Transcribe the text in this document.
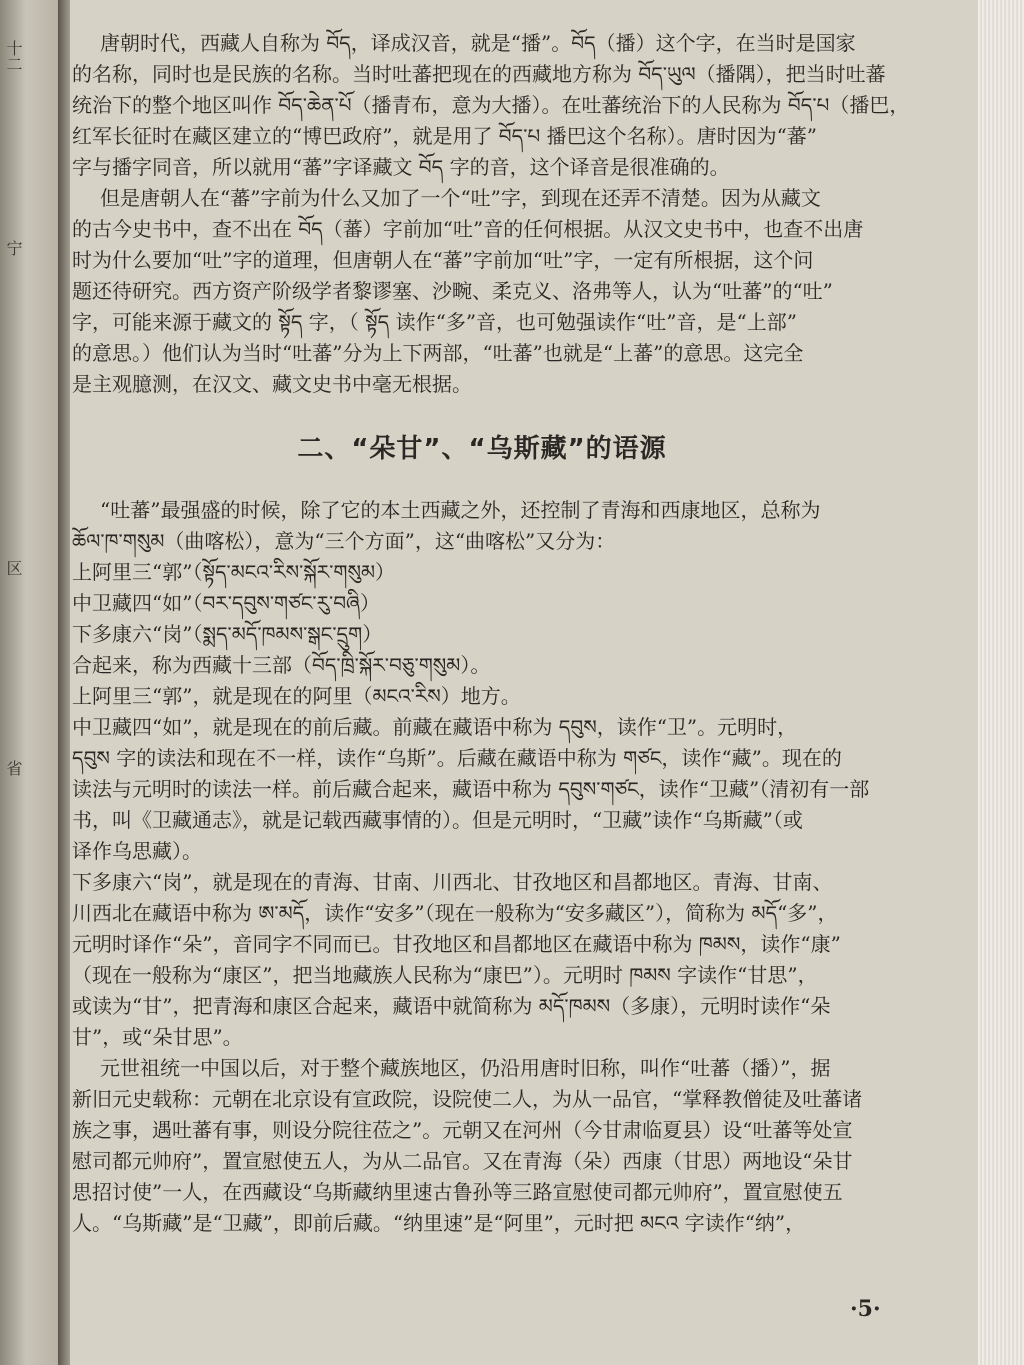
十二
宁
区
省
唐朝时代，西藏人自称为 བོད，译成汉音，就是“播”。བོད（播）这个字，在当时是国家
的名称，同时也是民族的名称。当时吐蕃把现在的西藏地方称为 བོད་ཡུལ（播隅），把当时吐蕃
统治下的整个地区叫作 བོད་ཆེན་པོ（播青布，意为大播）。在吐蕃统治下的人民称为 བོད་པ（播巴，
红军长征时在藏区建立的“博巴政府”，就是用了 བོད་པ 播巴这个名称）。唐时因为“蕃”
字与播字同音，所以就用“蕃”字译藏文 བོད 字的音，这个译音是很准确的。
但是唐朝人在“蕃”字前为什么又加了一个“吐”字，到现在还弄不清楚。因为从藏文
的古今史书中，查不出在 བོད（蕃）字前加“吐”音的任何根据。从汉文史书中，也查不出唐
时为什么要加“吐”字的道理，但唐朝人在“蕃”字前加“吐”字，一定有所根据，这个问
题还待研究。西方资产阶级学者黎谬塞、沙畹、柔克义、洛弗等人，认为“吐蕃”的“吐”
字，可能来源于藏文的 སྟོད 字，（ སྟོད 读作“多”音，也可勉强读作“吐”音，是“上部”
的意思。）他们认为当时“吐蕃”分为上下两部，“吐蕃”也就是“上蕃”的意思。这完全
是主观臆测，在汉文、藏文史书中毫无根据。
二、“朵甘”、“乌斯藏”的语源
“吐蕃”最强盛的时候，除了它的本土西藏之外，还控制了青海和西康地区，总称为
ཆོལ་ཁ་གསུམ（曲喀松），意为“三个方面”，这“曲喀松”又分为：
上阿里三“郭”（སྟོད་མངའ་རིས་སྐོར་གསུམ）
中卫藏四“如”（བར་དབུས་གཙང་རུ་བཞི）
下多康六“岗”（སྨད་མདོ་ཁམས་སྒང་དྲུག）
合起来，称为西藏十三部（བོད་ཁྲི་སྐོར་བཅུ་གསུམ）。
上阿里三“郭”，就是现在的阿里（མངའ་རིས）地方。
中卫藏四“如”，就是现在的前后藏。前藏在藏语中称为 དབུས，读作“卫”。元明时，
དབུས 字的读法和现在不一样，读作“乌斯”。后藏在藏语中称为 གཙང，读作“藏”。现在的
读法与元明时的读法一样。前后藏合起来，藏语中称为 དབུས་གཙང，读作“卫藏”（清初有一部
书，叫《卫藏通志》，就是记载西藏事情的）。但是元明时，“卫藏”读作“乌斯藏”（或
译作乌思藏）。
下多康六“岗”，就是现在的青海、甘南、川西北、甘孜地区和昌都地区。青海、甘南、
川西北在藏语中称为 ཨ་མདོ，读作“安多”（现在一般称为“安多藏区”），简称为 མདོ“多”，
元明时译作“朵”，音同字不同而已。甘孜地区和昌都地区在藏语中称为 ཁམས，读作“康”
（现在一般称为“康区”，把当地藏族人民称为“康巴”）。元明时 ཁམས 字读作“甘思”，
或读为“甘”，把青海和康区合起来，藏语中就简称为 མདོ་ཁམས（多康），元明时读作“朵
甘”，或“朵甘思”。
元世祖统一中国以后，对于整个藏族地区，仍沿用唐时旧称，叫作“吐蕃（播）”，据
新旧元史载称：元朝在北京设有宣政院，设院使二人，为从一品官，“掌释教僧徒及吐蕃诸
族之事，遇吐蕃有事，则设分院往莅之”。元朝又在河州（今甘肃临夏县）设“吐蕃等处宣
慰司都元帅府”，置宣慰使五人，为从二品官。又在青海（朵）西康（甘思）两地设“朵甘
思招讨使”一人，在西藏设“乌斯藏纳里速古鲁孙等三路宣慰使司都元帅府”，置宣慰使五
人。“乌斯藏”是“卫藏”，即前后藏。“纳里速”是“阿里”，元时把 མངའ 字读作“纳”，
·5·
